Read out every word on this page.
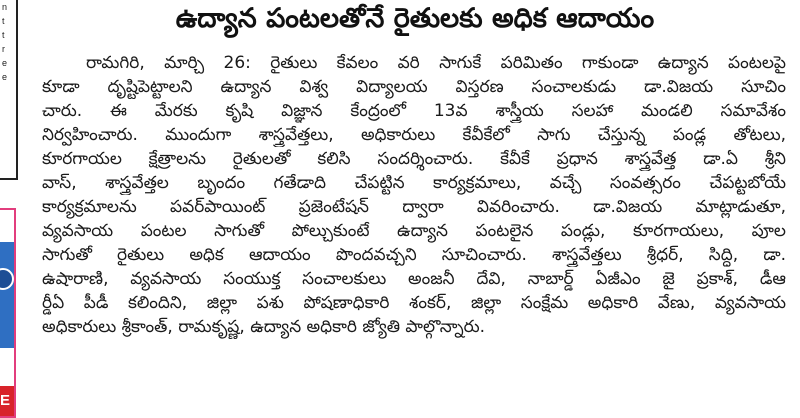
n
t
t
r
e
e
E
ఉద్యాన పంటలతోనే రైతులకు అధిక ఆదాయం
రామగిరి, మార్చి 26: రైతులు కేవలం వరి సాగుకే పరిమితం గాకుండా ఉద్యాన పంటలపై
కూడా దృష్టిపెట్టాలని ఉద్యాన విశ్వ విద్యాలయ విస్తరణ సంచాలకుడు డా.విజయ సూచిం
చారు. ఈ మేరకు కృషి విజ్ఞాన కేంద్రంలో 13వ శాస్త్రీయ సలహా మండలి సమావేశం
నిర్వహించారు. ముందుగా శాస్త్రవేత్తలు, అధికారులు కేవీకేలో సాగు చేస్తున్న పండ్ల తోటలు,
కూరగాయల క్షేత్రాలను రైతులతో కలిసి సందర్శించారు. కేవీకే ప్రధాన శాస్త్రవేత్త డా.ఏ శ్రీని
వాస్, శాస్త్రవేత్తల బృందం గతేడాది చేపట్టిన కార్యక్రమాలు, వచ్చే సంవత్సరం చేపట్టబోయే
కార్యక్రమాలను పవర్‌పాయింట్ ప్రజెంటేషన్ ద్వారా వివరించారు. డా.విజయ మాట్లాడుతూ,
వ్యవసాయ పంటల సాగుతో పోల్చుకుంటే ఉద్యాన పంటలైన పండ్లు, కూరగాయలు, పూల
సాగుతో రైతులు అధిక ఆదాయం పొందవచ్చని సూచించారు. శాస్త్రవేత్తలు శ్రీధర్, సిద్ధి, డా.
ఉషారాణి, వ్యవసాయ సంయుక్త సంచాలకులు అంజనీ దేవి, నాబార్డ్ ఏజీఎం జై ప్రకాశ్, డీఆ
ర్డీఏ పీడీ కలిందిని, జిల్లా పశు పోషణాధికారి శంకర్, జిల్లా సంక్షేమ అధికారి వేణు, వ్యవసాయ
అధికారులు శ్రీకాంత్, రామకృష్ణ, ఉద్యాన అధికారి జ్యోతి పాల్గొన్నారు.
